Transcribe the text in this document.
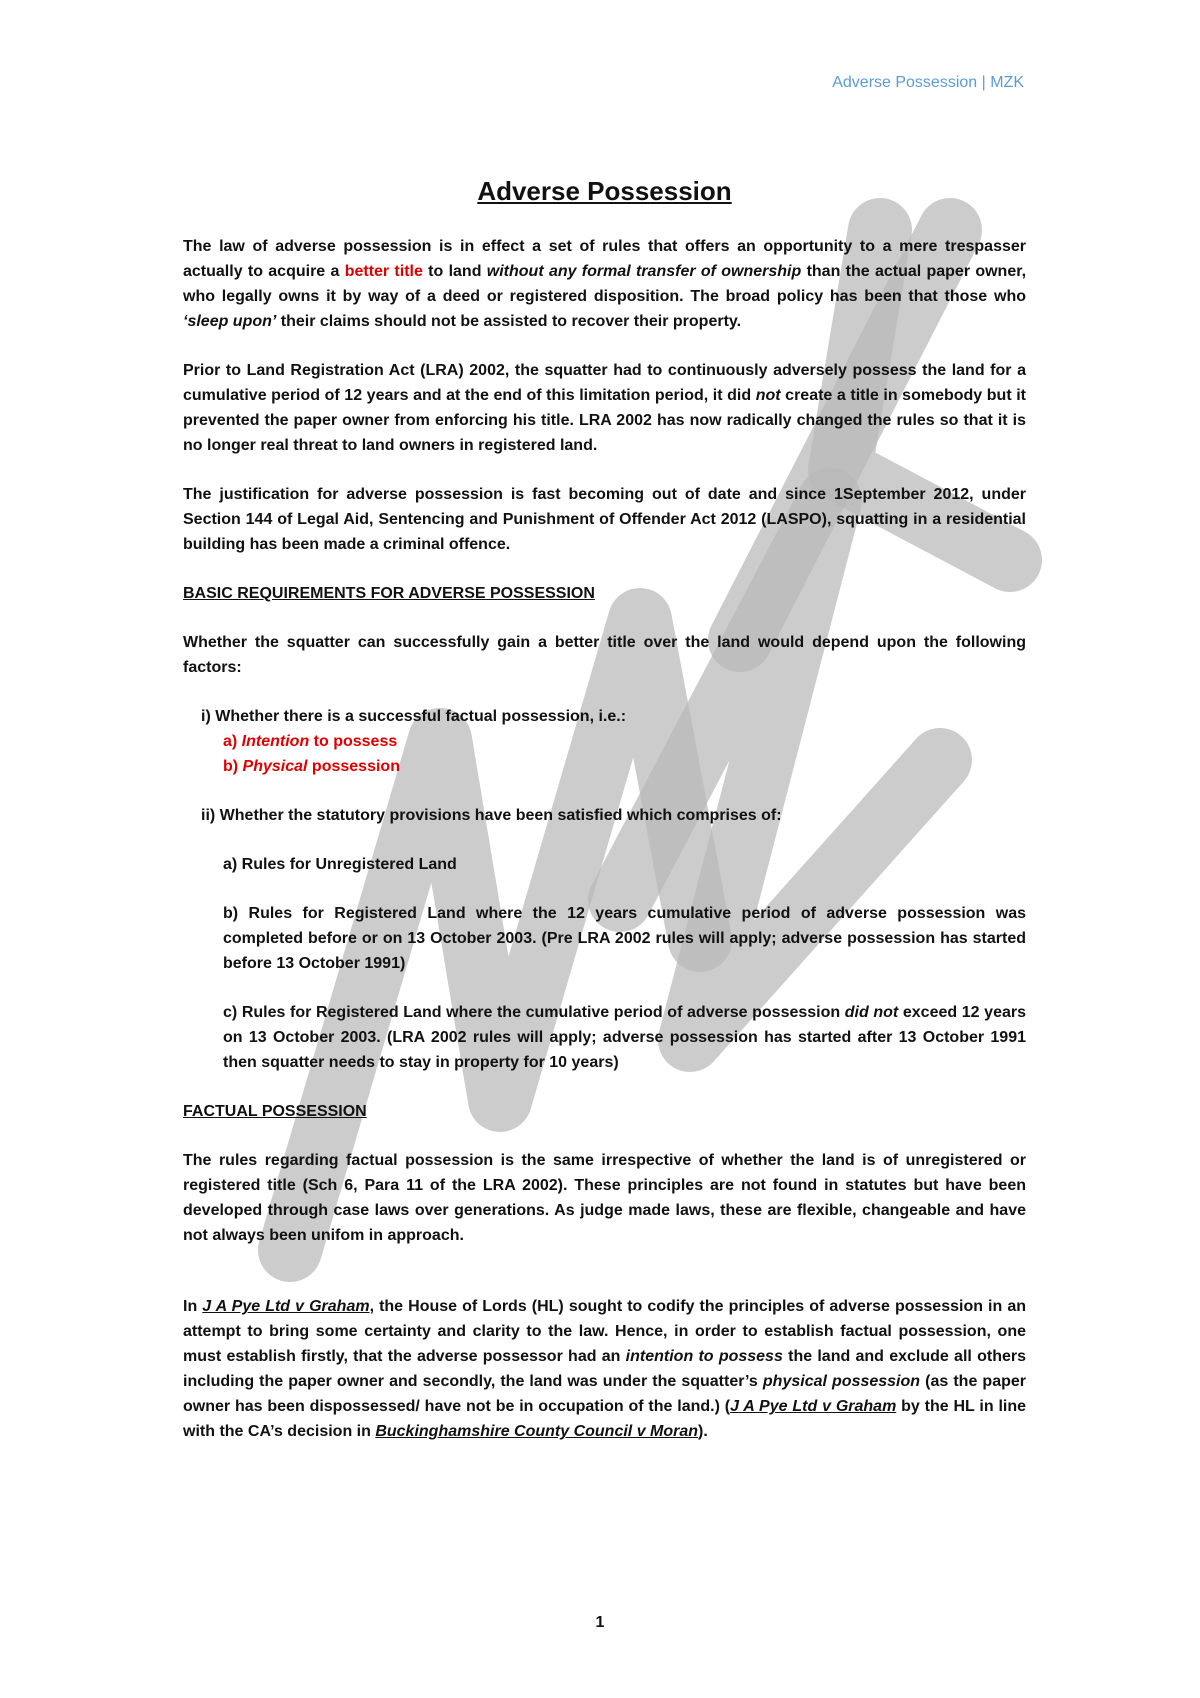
Adverse Possession | MZK
Adverse Possession

The law of adverse possession is in effect a set of rules that offers an opportunity to a mere trespasser actually to acquire a better title to land without any formal transfer of ownership than the actual paper owner, who legally owns it by way of a deed or registered disposition. The broad policy has been that those who ‘sleep upon’ their claims should not be assisted to recover their property.

Prior to Land Registration Act (LRA) 2002, the squatter had to continuously adversely possess the land for a cumulative period of 12 years and at the end of this limitation period, it did not create a title in somebody but it prevented the paper owner from enforcing his title. LRA 2002 has now radically changed the rules so that it is no longer real threat to land owners in registered land.

The justification for adverse possession is fast becoming out of date and since 1September 2012, under Section 144 of Legal Aid, Sentencing and Punishment of Offender Act 2012 (LASPO), squatting in a residential building has been made a criminal offence.

BASIC REQUIREMENTS FOR ADVERSE POSSESSION

Whether the squatter can successfully gain a better title over the land would depend upon the following factors:

i) Whether there is a successful factual possession, i.e.:
a) Intention to possess
b) Physical possession
ii) Whether the statutory provisions have been satisfied which comprises of:
a) Rules for Unregistered Land
b) Rules for Registered Land where the 12 years cumulative period of adverse possession was completed before or on 13 October 2003. (Pre LRA 2002 rules will apply; adverse possession has started before 13 October 1991)
c) Rules for Registered Land where the cumulative period of adverse possession did not exceed 12 years on 13 October 2003. (LRA 2002 rules will apply; adverse possession has started after 13 October 1991 then squatter needs to stay in property for 10 years)
FACTUAL POSSESSION

The rules regarding factual possession is the same irrespective of whether the land is of unregistered or registered title (Sch 6, Para 11 of the LRA 2002). These principles are not found in statutes but have been developed through case laws over generations. As judge made laws, these are flexible, changeable and have not always been unifom in approach.

In J A Pye Ltd v Graham, the House of Lords (HL) sought to codify the principles of adverse possession in an attempt to bring some certainty and clarity to the law. Hence, in order to establish factual possession, one must establish firstly, that the adverse possessor had an intention to possess the land and exclude all others including the paper owner and secondly, the land was under the squatter’s physical possession (as the paper owner has been dispossessed/ have not be in occupation of the land.) (J A Pye Ltd v Graham by the HL in line with the CA’s decision in Buckinghamshire County Council v Moran).

1
